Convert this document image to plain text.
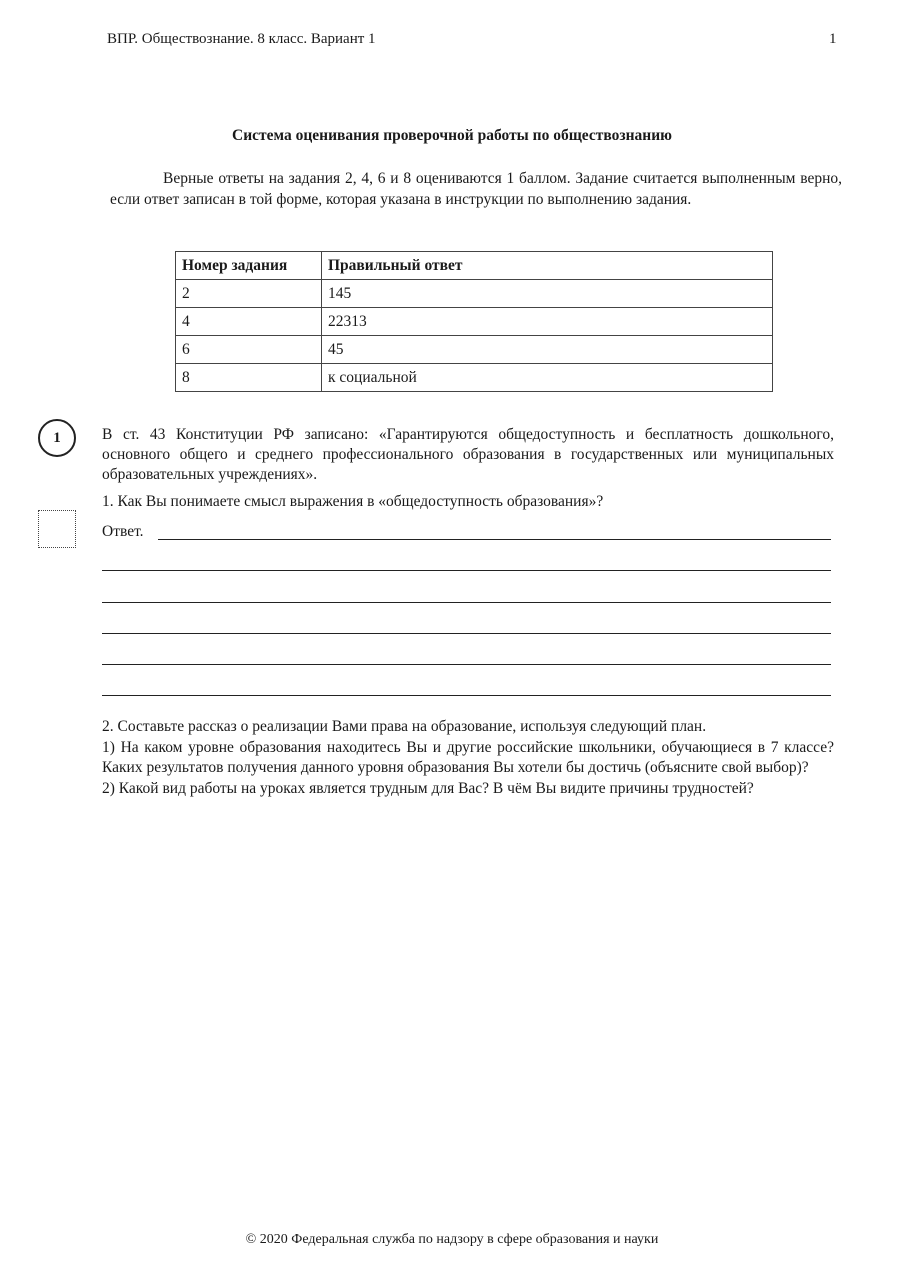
ВПР. Обществознание. 8 класс. Вариант 1	1
Система оценивания проверочной работы по обществознанию
Верные ответы на задания 2, 4, 6 и 8 оцениваются 1 баллом. Задание считается выполненным верно, если ответ записан в той форме, которая указана в инструкции по выполнению задания.
Номер задания	Правильный ответ
2	145
4	22313
6	45
8	к социальной
1	В ст. 43 Конституции РФ записано: «Гарантируются общедоступность и бесплатность дошкольного, основного общего и среднего профессионального образования в государственных или муниципальных образовательных учреждениях».
1. Как Вы понимаете смысл выражения в «общедоступность образования»?
Ответ.

2. Составьте рассказ о реализации Вами права на образование, используя следующий план.

1) На каком уровне образования находитесь Вы и другие российские школьники, обучающиеся в 7 классе? Каких результатов получения данного уровня образования Вы хотели бы достичь (объясните свой выбор)?

2) Какой вид работы на уроках является трудным для Вас? В чём Вы видите причины трудностей?

© 2020 Федеральная служба по надзору в сфере образования и науки
